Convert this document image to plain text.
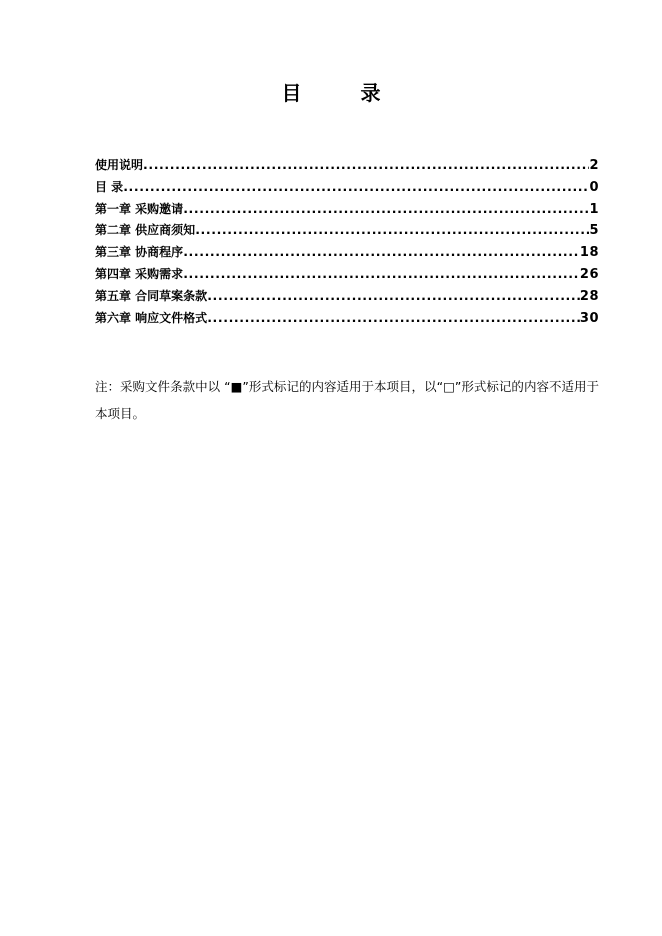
目 录
使用说明 .....	2
目 录 .....	0
第一章 采购邀请 .....	1
第二章 供应商须知 .....	5
第三章 协商程序 .....	18
第四章 采购需求 .....	26
第五章 合同草案条款 .....	28
第六章 响应文件格式 .....	30
注：采购文件条款中以 “■”形式标记的内容适用于本项目，以“□”形式标记的内容不适用于本项目。
